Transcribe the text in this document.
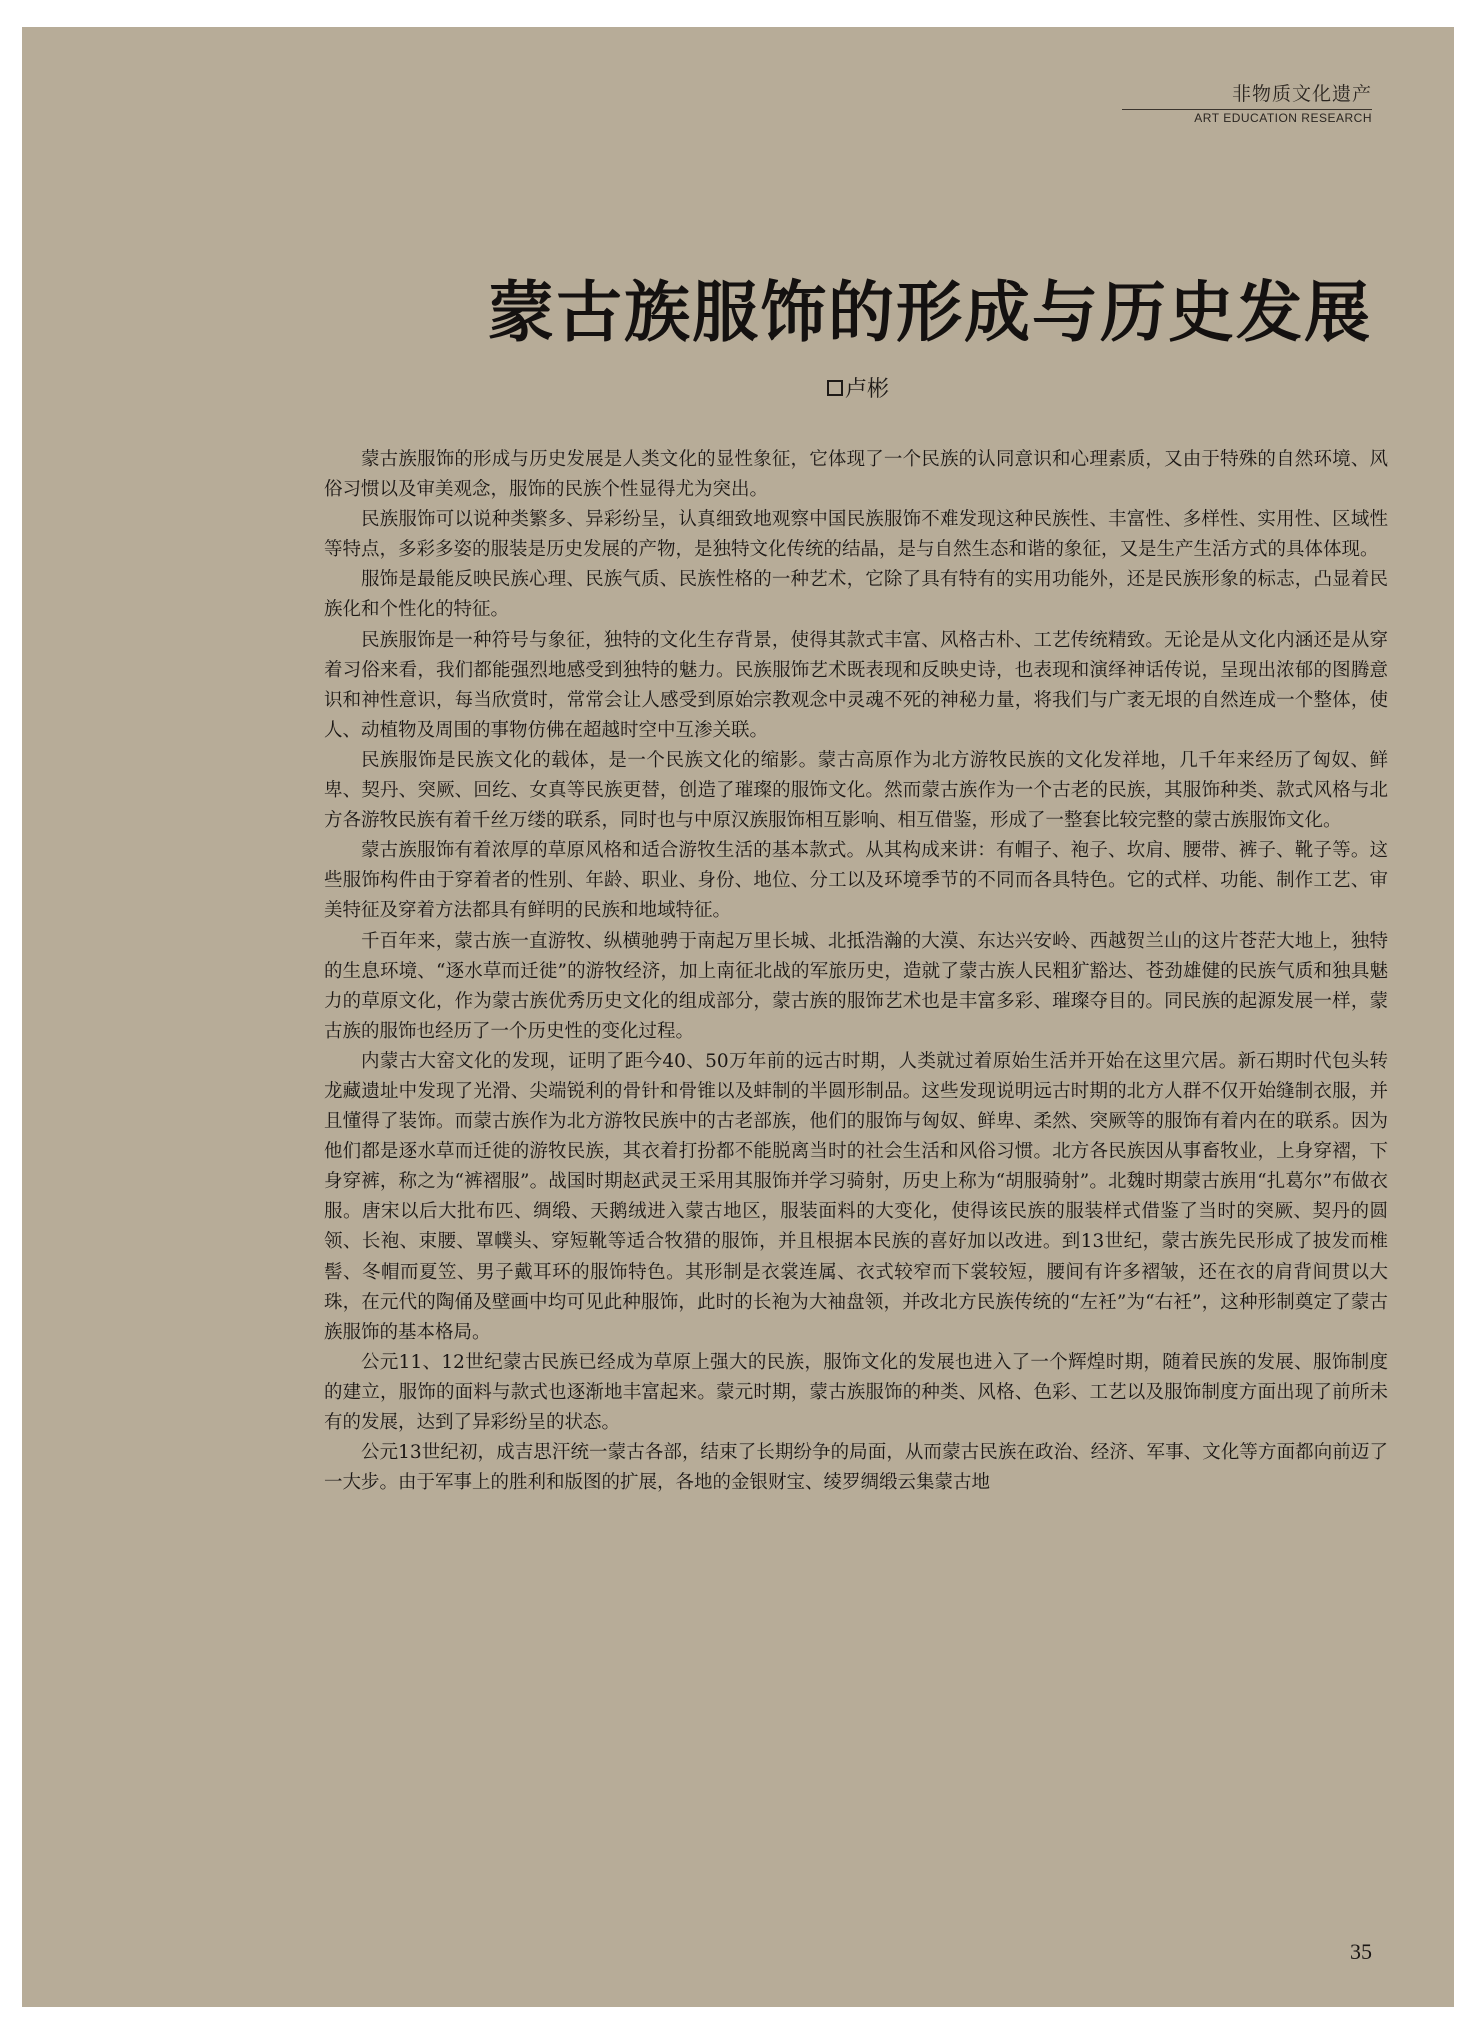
非物质文化遗产
ART EDUCATION RESEARCH
蒙古族服饰的形成与历史发展
卢彬

蒙古族服饰的形成与历史发展是人类文化的显性象征，它体现了一个民族的认同意识和心理素质，又由于特殊的自然环境、风俗习惯以及审美观念，服饰的民族个性显得尤为突出。

民族服饰可以说种类繁多、异彩纷呈，认真细致地观察中国民族服饰不难发现这种民族性、丰富性、多样性、实用性、区域性等特点，多彩多姿的服装是历史发展的产物，是独特文化传统的结晶，是与自然生态和谐的象征，又是生产生活方式的具体体现。

服饰是最能反映民族心理、民族气质、民族性格的一种艺术，它除了具有特有的实用功能外，还是民族形象的标志，凸显着民族化和个性化的特征。

民族服饰是一种符号与象征，独特的文化生存背景，使得其款式丰富、风格古朴、工艺传统精致。无论是从文化内涵还是从穿着习俗来看，我们都能强烈地感受到独特的魅力。民族服饰艺术既表现和反映史诗，也表现和演绎神话传说，呈现出浓郁的图腾意识和神性意识，每当欣赏时，常常会让人感受到原始宗教观念中灵魂不死的神秘力量，将我们与广袤无垠的自然连成一个整体，使人、动植物及周围的事物仿佛在超越时空中互渗关联。

民族服饰是民族文化的载体，是一个民族文化的缩影。蒙古高原作为北方游牧民族的文化发祥地，几千年来经历了匈奴、鲜卑、契丹、突厥、回纥、女真等民族更替，创造了璀璨的服饰文化。然而蒙古族作为一个古老的民族，其服饰种类、款式风格与北方各游牧民族有着千丝万缕的联系，同时也与中原汉族服饰相互影响、相互借鉴，形成了一整套比较完整的蒙古族服饰文化。

蒙古族服饰有着浓厚的草原风格和适合游牧生活的基本款式。从其构成来讲：有帽子、袍子、坎肩、腰带、裤子、靴子等。这些服饰构件由于穿着者的性别、年龄、职业、身份、地位、分工以及环境季节的不同而各具特色。它的式样、功能、制作工艺、审美特征及穿着方法都具有鲜明的民族和地域特征。

千百年来，蒙古族一直游牧、纵横驰骋于南起万里长城、北抵浩瀚的大漠、东达兴安岭、西越贺兰山的这片苍茫大地上，独特的生息环境、“逐水草而迁徙”的游牧经济，加上南征北战的军旅历史，造就了蒙古族人民粗犷豁达、苍劲雄健的民族气质和独具魅力的草原文化，作为蒙古族优秀历史文化的组成部分，蒙古族的服饰艺术也是丰富多彩、璀璨夺目的。同民族的起源发展一样，蒙古族的服饰也经历了一个历史性的变化过程。

内蒙古大窑文化的发现，证明了距今40、50万年前的远古时期，人类就过着原始生活并开始在这里穴居。新石期时代包头转龙藏遗址中发现了光滑、尖端锐利的骨针和骨锥以及蚌制的半圆形制品。这些发现说明远古时期的北方人群不仅开始缝制衣服，并且懂得了装饰。而蒙古族作为北方游牧民族中的古老部族，他们的服饰与匈奴、鲜卑、柔然、突厥等的服饰有着内在的联系。因为他们都是逐水草而迁徙的游牧民族，其衣着打扮都不能脱离当时的社会生活和风俗习惯。北方各民族因从事畜牧业，上身穿褶，下身穿裤，称之为“裤褶服”。战国时期赵武灵王采用其服饰并学习骑射，历史上称为“胡服骑射”。北魏时期蒙古族用“扎葛尔”布做衣服。唐宋以后大批布匹、绸缎、天鹅绒进入蒙古地区，服装面料的大变化，使得该民族的服装样式借鉴了当时的突厥、契丹的圆领、长袍、束腰、罩幞头、穿短靴等适合牧猎的服饰，并且根据本民族的喜好加以改进。到13世纪，蒙古族先民形成了披发而椎髻、冬帽而夏笠、男子戴耳环的服饰特色。其形制是衣裳连属、衣式较窄而下裳较短，腰间有许多褶皱，还在衣的肩背间贯以大珠，在元代的陶俑及壁画中均可见此种服饰，此时的长袍为大袖盘领，并改北方民族传统的“左衽”为“右衽”，这种形制奠定了蒙古族服饰的基本格局。

公元11、12世纪蒙古民族已经成为草原上强大的民族，服饰文化的发展也进入了一个辉煌时期，随着民族的发展、服饰制度的建立，服饰的面料与款式也逐渐地丰富起来。蒙元时期，蒙古族服饰的种类、风格、色彩、工艺以及服饰制度方面出现了前所未有的发展，达到了异彩纷呈的状态。

公元13世纪初，成吉思汗统一蒙古各部，结束了长期纷争的局面，从而蒙古民族在政治、经济、军事、文化等方面都向前迈了一大步。由于军事上的胜利和版图的扩展，各地的金银财宝、绫罗绸缎云集蒙古地

35
